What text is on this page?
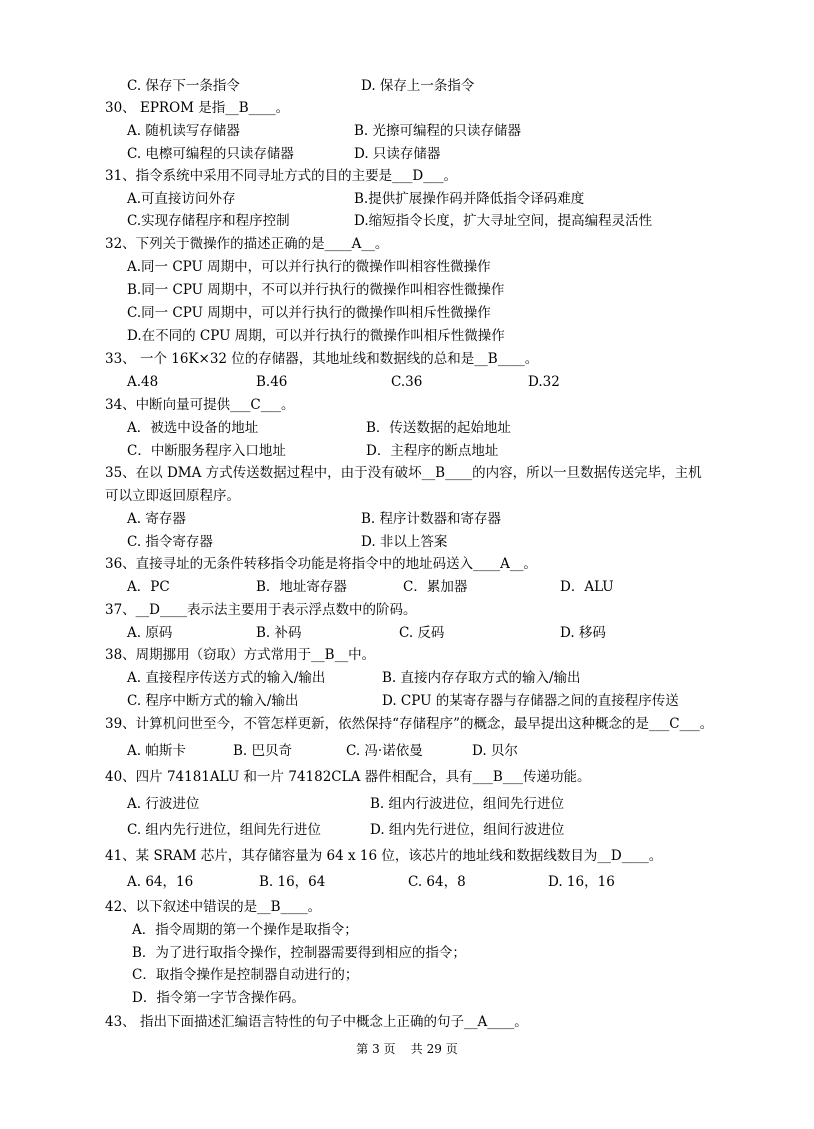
C. 保存下一条指令	D. 保存上一条指令
30、 EPROM 是指__B____。
A. 随机读写存储器	B. 光擦可编程的只读存储器
C. 电檫可编程的只读存储器	D. 只读存储器
31、指令系统中采用不同寻址方式的目的主要是___D___。
A.可直接访问外存	B.提供扩展操作码并降低指令译码难度
C.实现存储程序和程序控制	D.缩短指令长度，扩大寻址空间，提高编程灵活性
32、下列关于微操作的描述正确的是____A__。
A.同一 CPU 周期中，可以并行执行的微操作叫相容性微操作
B.同一 CPU 周期中，不可以并行执行的微操作叫相容性微操作
C.同一 CPU 周期中，可以并行执行的微操作叫相斥性微操作
D.在不同的 CPU 周期，可以并行执行的微操作叫相斥性微操作
33、 一个 16K×32 位的存储器，其地址线和数据线的总和是__B____。
A.48	B.46	C.36	D.32
34、中断向量可提供___C___。
A．被选中设备的地址	B．传送数据的起始地址
C．中断服务程序入口地址	D．主程序的断点地址
35、在以 DMA 方式传送数据过程中，由于没有破坏__B____的内容，所以一旦数据传送完毕，主机
可以立即返回原程序。
A. 寄存器	B. 程序计数器和寄存器
C. 指令寄存器	D. 非以上答案
36、直接寻址的无条件转移指令功能是将指令中的地址码送入____A__。
A．PC	B．地址寄存器	C．累加器	D．ALU
37、__D____表示法主要用于表示浮点数中的阶码。
A. 原码	B. 补码	C. 反码	D. 移码
38、周期挪用（窃取）方式常用于__B__中。
A. 直接程序传送方式的输入/输出	B. 直接内存存取方式的输入/输出
C. 程序中断方式的输入/输出	D. CPU 的某寄存器与存储器之间的直接程序传送
39、计算机问世至今，不管怎样更新，依然保持“存储程序”的概念，最早提出这种概念的是___C___。
A. 帕斯卡	B. 巴贝奇	C. 冯·诺依曼	D. 贝尔
40、四片 74181ALU 和一片 74182CLA 器件相配合，具有___B___传递功能。
A. 行波进位	B. 组内行波进位，组间先行进位
C. 组内先行进位，组间先行进位	D. 组内先行进位，组间行波进位
41、某 SRAM 芯片，其存储容量为 64 x 16 位，该芯片的地址线和数据线数目为__D____。
A. 64，16	B. 16，64	C. 64，8	D. 16，16
42、以下叙述中错误的是__B____。
A．指令周期的第一个操作是取指令；
B．为了进行取指令操作，控制器需要得到相应的指令；
C．取指令操作是控制器自动进行的；
D．指令第一字节含操作码。
43、 指出下面描述汇编语言特性的句子中概念上正确的句子__A____。
第 3 页    共 29 页
